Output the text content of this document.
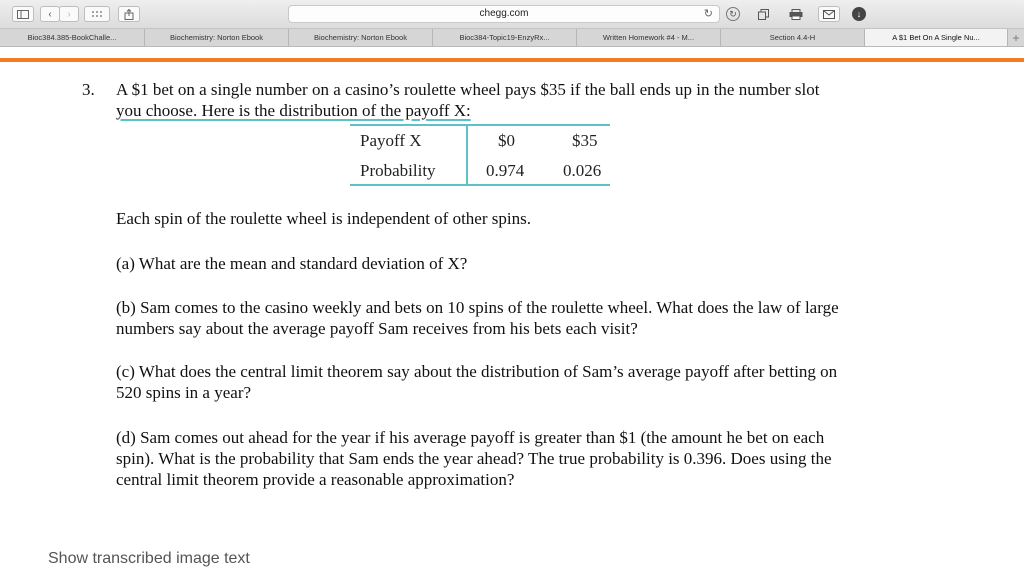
‹ ›	chegg.com	↻ ↻	↓
Bioc384.385-BookChalle...	Biochemistry: Norton Ebook	Biochemistry: Norton Ebook	Bioc384-Topic19-EnzyRx...	Written Homework #4 - M...	Section 4.4-H	A $1 Bet On A Single Nu...	+
3. A $1 bet on a single number on a casino’s roulette wheel pays $35 if the ball ends up in the number slot
you choose. Here is the distribution of the payoff X:
Payoff X	$0	$35
Probability	0.974 0.026
Each spin of the roulette wheel is independent of other spins.
(a) What are the mean and standard deviation of X?
(b) Sam comes to the casino weekly and bets on 10 spins of the roulette wheel. What does the law of large
numbers say about the average payoff Sam receives from his bets each visit?
(c) What does the central limit theorem say about the distribution of Sam’s average payoff after betting on
520 spins in a year?
(d) Sam comes out ahead for the year if his average payoff is greater than $1 (the amount he bet on each
spin). What is the probability that Sam ends the year ahead? The true probability is 0.396. Does using the
central limit theorem provide a reasonable approximation?
Show transcribed image text
